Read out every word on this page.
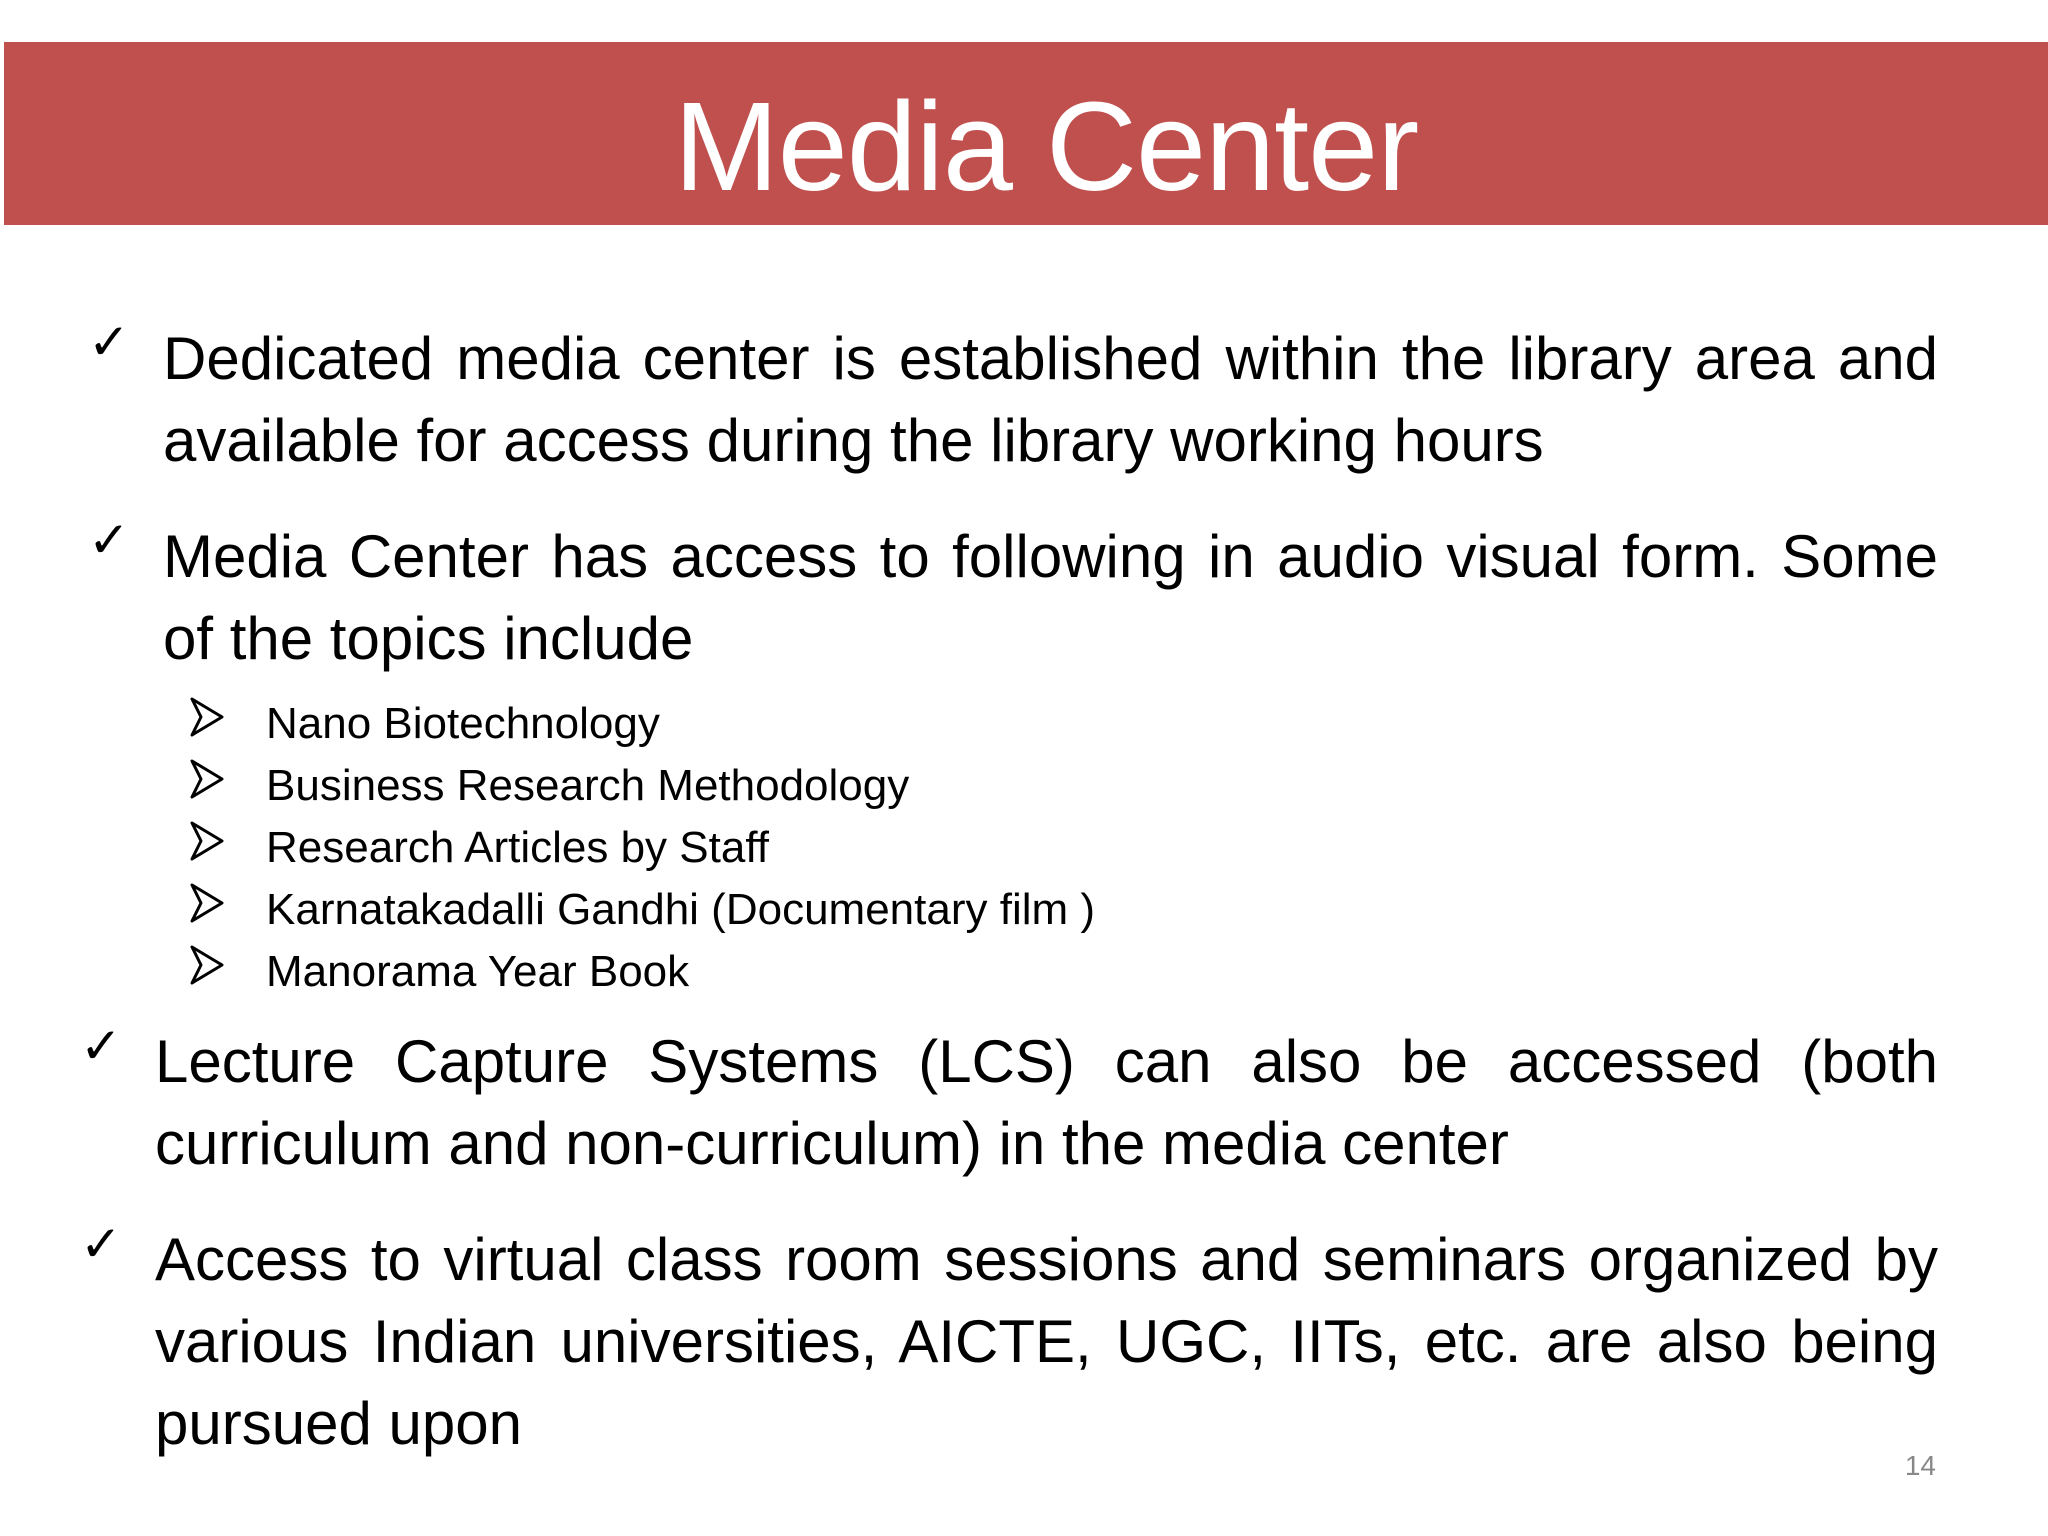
Media Center
✓ Dedicated media center is established within the library area and available for access during the library working hours
✓ Media Center has access to following in audio visual form. Some of the topics include
Nano Biotechnology
Business Research Methodology
Research Articles by Staff
Karnatakadalli Gandhi (Documentary film )
Manorama Year Book
✓ Lecture Capture Systems (LCS) can also be accessed (both curriculum and non-curriculum) in the media center
✓ Access to virtual class room sessions and seminars organized by various Indian universities, AICTE, UGC, IITs, etc. are also being pursued upon
14
